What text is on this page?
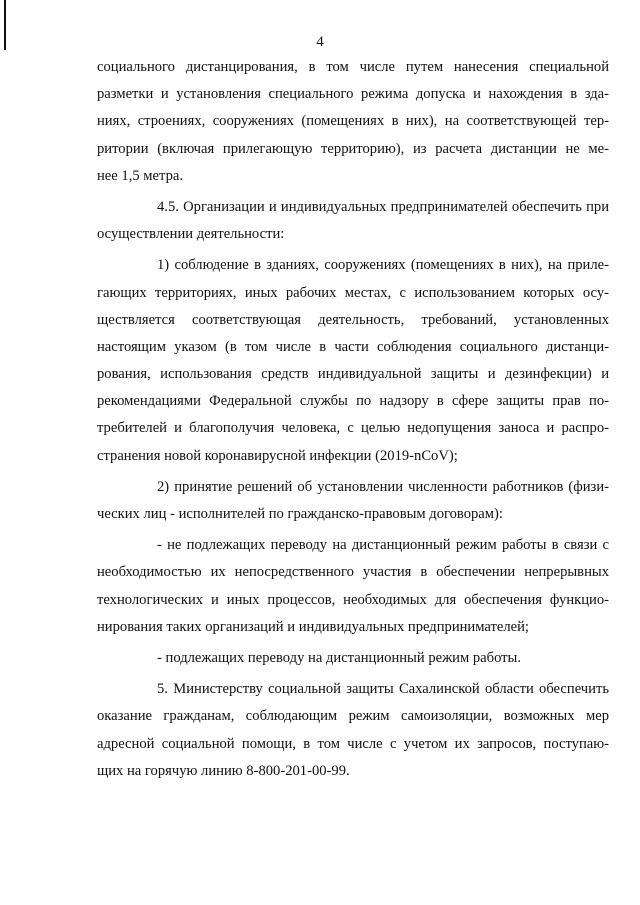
4
социального дистанцирования, в том числе путем нанесения специальной
разметки и установления специального режима допуска и нахождения в зда-
ниях, строениях, сооружениях (помещениях в них), на соответствующей тер-
ритории (включая прилегающую территорию), из расчета дистанции не ме-
нее 1,5 метра.
4.5. Организации и индивидуальных предпринимателей обеспечить при
осуществлении деятельности:
1) соблюдение в зданиях, сооружениях (помещениях в них), на приле-
гающих территориях, иных рабочих местах, с использованием которых осу-
ществляется соответствующая деятельность, требований, установленных
настоящим указом (в том числе в части соблюдения социального дистанци-
рования, использования средств индивидуальной защиты и дезинфекции) и
рекомендациями Федеральной службы по надзору в сфере защиты прав по-
требителей и благополучия человека, с целью недопущения заноса и распро-
странения новой коронавирусной инфекции (2019-nCoV);
2) принятие решений об установлении численности работников (физи-
ческих лиц - исполнителей по гражданско-правовым договорам):
- не подлежащих переводу на дистанционный режим работы в связи с
необходимостью их непосредственного участия в обеспечении непрерывных
технологических и иных процессов, необходимых для обеспечения функцио-
нирования таких организаций и индивидуальных предпринимателей;
- подлежащих переводу на дистанционный режим работы.
5. Министерству социальной защиты Сахалинской области обеспечить
оказание гражданам, соблюдающим режим самоизоляции, возможных мер
адресной социальной помощи, в том числе с учетом их запросов, поступаю-
щих на горячую линию 8-800-201-00-99.
